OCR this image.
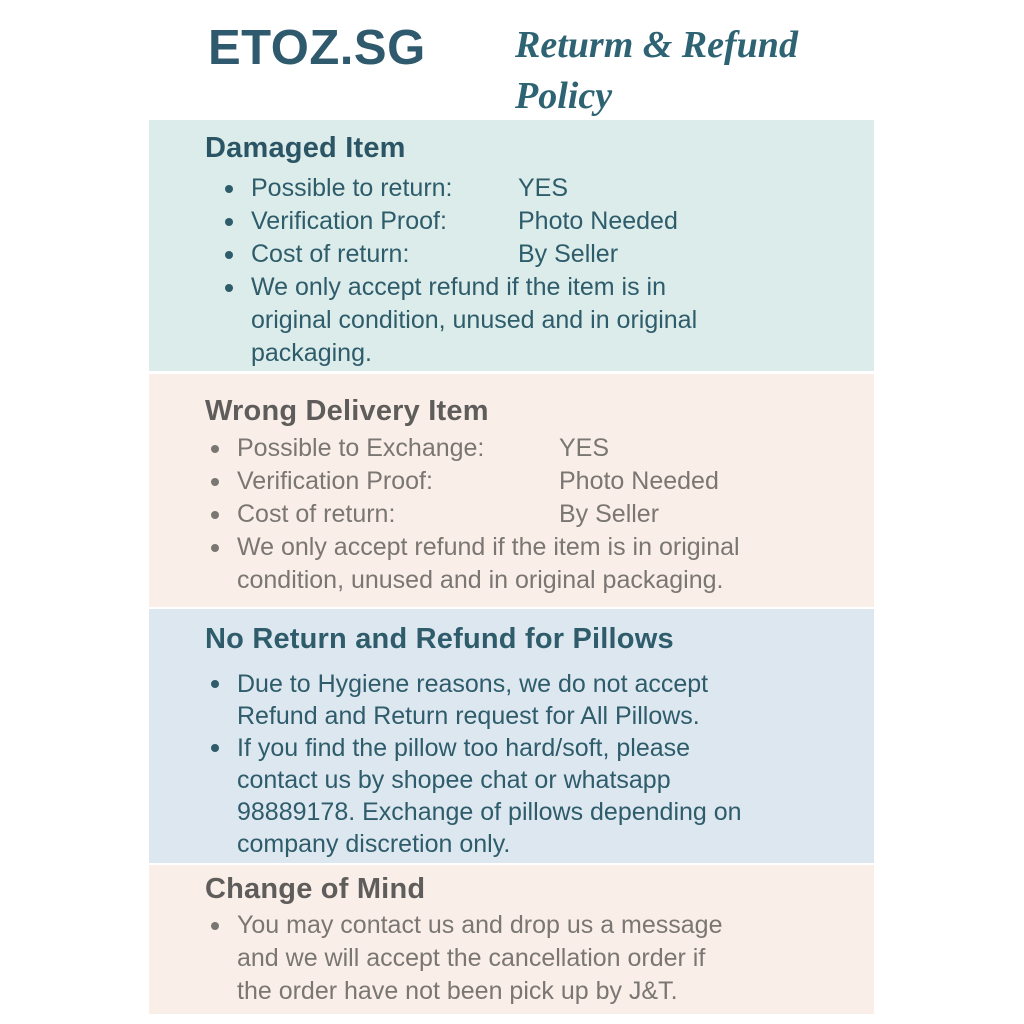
ETOZ.SG Returm & Refund
Policy
Damaged Item
Possible to return:	YES
Verification Proof:	Photo Needed
Cost of return:	By Seller
We only accept refund if the item is in
original condition, unused and in original
packaging.
Wrong Delivery Item
Possible to Exchange:	YES
Verification Proof:	Photo Needed
Cost of return:	By Seller
We only accept refund if the item is in original
condition, unused and in original packaging.
No Return and Refund for Pillows
Due to Hygiene reasons, we do not accept
Refund and Return request for All Pillows.
If you find the pillow too hard/soft, please
contact us by shopee chat or whatsapp
98889178. Exchange of pillows depending on
company discretion only.
Change of Mind
You may contact us and drop us a message
and we will accept the cancellation order if
the order have not been pick up by J&T.
